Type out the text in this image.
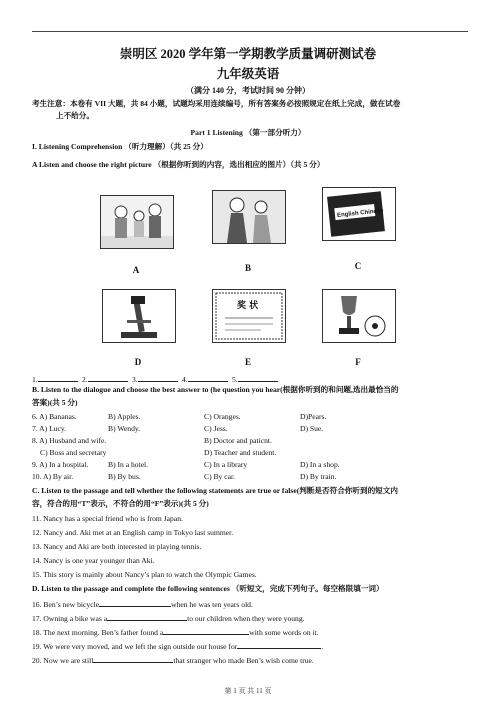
崇明区 2020 学年第一学期教学质量调研测试卷
九年级英语
（满分 140 分，考试时间 90 分钟）
考生注意：本卷有 VII 大题，共 84 小题，试题均采用连续编号，所有答案务必按照规定在纸上完成，做在试卷
上不给分。
Part 1 Listening （第一部分听力）
I. Listening Comprehension （听力理解）（共 25 分）
A Listen and choose the right picture （根据你听到的内容，选出相应的图片）（共 5 分）
A	B
English Chinese
C
D
奖 状
E	F
1.	2.	3.	4.	5.
B. Listen to the dialogue and choose the best answer to (he question you hear(根据你听到的和问题,选出最恰当的
答案)(共 5 分)
6. A) Bananas.	B) Apples.	C) Oranges.	D)Pears.
7. A) Lucy.	B) Wendy.	C) Jess.	D) Sue.
8. A) Husband and wife.	B) Doctor and paticnt.
C) Boss and secretary	D) Teacher and student.
9. A) In a hospital.	B) In a hotel.	C) In a library	D) In a shop.
10. A) By air.	B) By bus.	C) By car.	D) By train.
C. Listen to the passage and tell whether the following statements are true or false(判断是否符合你听到的短文内
容，符合的用“T”表示，不符合的用“F”表示)(共 5 分)
11. Nancy has a special friend who is from Japan.
12. Nancy and. Aki met at an English camp in Tokyo last summer.
13. Nancy and Aki are both interested in playing tennis.
14. Nancy is one year younger than Aki.
15. This story is mainly about Nancy’s plan to watch the Olympic Games.
D. Listen to the passage and complete the following sentences （听短文，完成下列句子。每空格限填一词）
16. Ben’s new bicycle	when he was ten years old.
17. Owning a bike was a	to our children when they were young.
18. The next morning. Ben’s father found a	with some words on it.
19. We were very moved, and we left the sign outside our house for	.
20. Now we are still	that stranger who made Ben’s wish come true.
第 1 页 共 11 页
